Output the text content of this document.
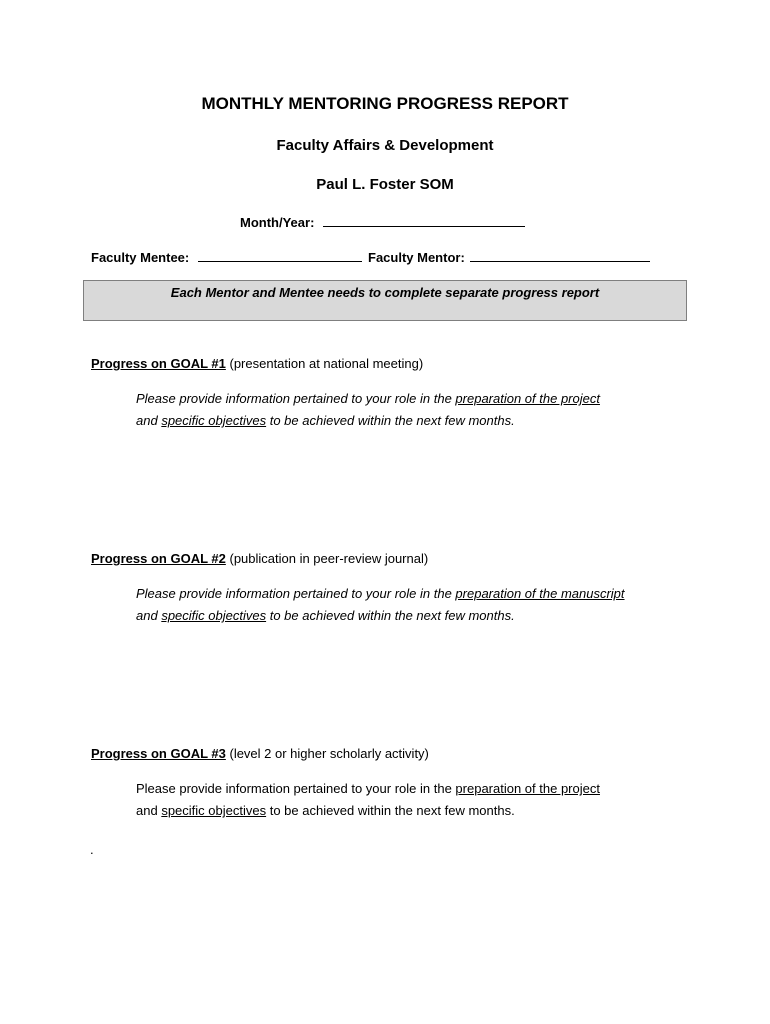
MONTHLY MENTORING PROGRESS REPORT
Faculty Affairs & Development
Paul L. Foster SOM
Month/Year:
Faculty Mentee:	Faculty Mentor:
Each Mentor and Mentee needs to complete separate progress report
Progress on GOAL #1 (presentation at national meeting)
Please provide information pertained to your role in the preparation of the project
and specific objectives to be achieved within the next few months.
Progress on GOAL #2 (publication in peer-review journal)
Please provide information pertained to your role in the preparation of the manuscript
and specific objectives to be achieved within the next few months.
Progress on GOAL #3 (level 2 or higher scholarly activity)
Please provide information pertained to your role in the preparation of the project
and specific objectives to be achieved within the next few months.
.
